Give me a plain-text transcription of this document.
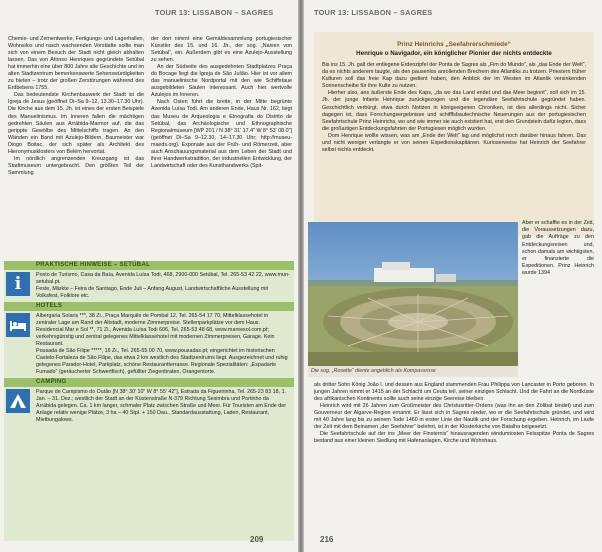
TOUR 13: LISSABON – SAGRES

Chemie- und Zementwerke, Fertigungs- und Lagerhallen, Wohnsilos und rasch wachsenden Vorstädte sollte man sich von einem Besuch der Stadt nicht gleich abhalten lassen. Das von Afonso Henriques gegründete Setúbal hat immerhin eine über 800 Jahre alte Geschichte und im alten Stadtzentrum bemerkenswerte Sehenswürdigkeiten zu bieten – trotz der großen Zerstörungen während des Erdbebens 1755.

Das bedeutendste Kirchenbauwerk der Stadt ist die Igreja de Jesus (geöffnet Di–Sa 9–12, 13.30–17.30 Uhr). Die Kirche aus dem 15. Jh. ist eines der ersten Beispiele des Manuelinismus. Im Inneren fallen die mächtigen gedrehten Säulen aus Arrábida-Marmor auf, die das gerippte Gewölbe des Mittelschiffs tragen. An den Wänden ein Band mit Azulejo-Bildern. Baumeister war Diogo Boitac, der sich später als Architekt des Hieronymusklosters von Belém hervortat.

Im nördlich angrenzenden Kreuzgang ist das Stadtmuseum untergebracht. Den größten Teil der Sammlung

der dort nimmt eine Gemäldesammlung portugiesischer Künstler des 15. und 16. Jh., der sog. „Naiven von Setúbal“, ein. Außerdem gibt es eine Azulejo-Ausstellung zu sehen.

An der Südseite des ausgedehnten Stadtplatzes Praça do Bocage liegt die Igreja de São Julião. Hier ist vor allem das manuelinische Nordportal mit den wie Schiffstaue ausgebildeten Säulen interessant. Auch hier wertvolle Azulejos im Inneren.

Nach Osten führt die breite, in der Mitte begrünte Avenida Luísa Todi. Am anderen Ende, Haus Nr. 162, liegt das Museu de Arqueologia e Etnografia do Distrito de Setúbal, das Archäologische und Ethnographische Regionalmuseum [WP 201 / N 38° 31' 17.4" W 8° 53' 08.0"] (geöffnet Di–Sa 9–12.30, 14–17.30 Uhr; http://museu-maeds.org). Exponate aus der Früh- und Römerzeit, aber auch Anschauungsmaterial aus dem Leben der Stadt und ihrer Handwerkstradition, der industriellen Entwicklung, der Landwirtschaft oder des Kunsthandwerks (Spit-

PRAKTISCHE HINWEISE – SETÚBAL
i	Posto de Turismo, Casa da Baía, Avenida Luísa Todi, 468, 2900-000 Setúbal, Tel. 265-53 42 22, www.mun-setubal.pt.

Feste, Märkte – Feira de Santiago, Ende Juli – Anfang August, Landwirtschaftliche Ausstellung mit Volksfest, Folklore etc.

HOTELS

Albergaria Solaris ***, 38 Zi., Praça Marquês de Pombal 12, Tel. 265-54 17 70, Mittelklassehotel in zentraler Lage am Rand der Altstadt, moderne Zimmerpreise. Stellenparkplätze vor dem Haus.

Residencial Mar e Sol **, 71 Zi., Avenida Luísa Todi 606, Tel. 265-53 48 68, www.mareesol.com.pt; verkehrsgünstig und zentral gelegenes Mittelklassehotel mit modernen Zimmerpreisen, Garage. Kein Restaurant.

Pousada de São Filipe *****, 16 Zi., Tel. 265-55 00 70, www.pousadas.pt; eingerichtet im historischen Castelo-Fortaleza de São Filipe, das etwa 2 km westlich des Stadtzentrums liegt. Ausgezeichnet und ruhig gelegenes Parador-Hotel, Parkplatz, schöne Restaurantterrasse. Regionale Spezialitäten: „Espadarte Fumado“ (geräucherter Schwertfisch), gefüllter Ziegenbraten, Orangentorte.

CAMPING

Parque de Campismo do Outão [N 38° 30' 10" W 8° 55' 42"], Estrada da Figueirinha, Tel. 265-23 83 18, 1. Jan. – 31. Dez.; westlich der Stadt an der Küstenstraße N-379 Richtung Sesimbra und Portinho da Arrábida gelegen. Ca. 1 km langer, schmaler Platz zwischen Straße und Meer. Für Touristen am Ende der Anlage relativ wenige Plätze, 3 ha – 40 Stpl. + 150 Dau., Standardausstattung, Laden, Restaurant, Mietbungalows.

209
TOUR 13: LISSABON – SAGRES
Prinz Heinrichs „Seefahrerschmiede“
Henrique o Navigador, ein königlicher Pionier der nichts entdeckte

Bis ins 15. Jh. galt der entlegene Erdenzipfel der Ponta de Sagres als „Fim do Mundo“, als „das Ende der Welt“, da es nichts anderem taugte, als den pausenlos anrollenden Brechern des Atlantiks zu trotzen. Priestern früher Kulturen soll das freie Kap dazu gedient haben, den Anblick der im Westen im Atlantik versinkenden Sonnenscheibe für ihre Kulte zu nutzen.

Hierher also, ans äußerste Ende des Kaps, „da wo das Land endet und das Meer beginnt“, soll sich im 15. Jh. der junge Infante Henrique zurückgezogen und die legendäre Seefahrtschule gegründet haben. Geschichtlich verbürgt, etwa durch Notizen in königseigenen Chroniken, ist dies allerdings nicht. Sicher dagegen ist, dass Forschungsergebnisse und schifffsbautechnische Neuerungen aus der portugiesischen Seefahrtschule Prinz Heinrichs, wo und wie immer sie auch existiert hat, erst den Grundstein dafür legten, dass die großartigen Entdeckungsfahrten der Portugiesen möglich wurden.

Dom Henrique wollte wissen, was am „Ende der Welt“ lag und möglichst noch darüber hinaus fahren. Das und nicht weniger verlangte er von seinen Expedionskapitänen. Kurioserweise hat Heinrich der Seefahrer selbst nichts entdeckt.

Die sog. „Rosette“ diente angeblich als Kompassrose

Aber er schaffte es in der Zeit, die Voraussetzungen dazu, gab die Aufträge zu den Entdeckungsreisen und, schon damals am wichtigsten, er finanzierte die Expeditionen. Prinz Heinrich wurde 1394

als dritter Sohn König João I. und dessen aus England stammenden Frau Philippa von Lancaster in Porto geboren. In jungen Jahren nimmt er 1415 an der Schlacht um Ceuta teil, seiner einzigen Schlacht. Und die Fahrt an die Nordküste des afrikanischen Kontinents sollte auch seine einzige Seereise bleiben.

Heinrich wird mit 26 Jahren zum Großmeister des Christusritter-Ordens (was ihn an den Zölibat bindet) und zum Gouverneur der Algarve-Region ernannt. Er lässt sich in Sagres nieder, wo er die Seefahrtschule gründet, und wird mit 40 Jahre lang bis zu seinem Tode 1460 in erster Linie der Nautik und der Forschung ergeben. Heinrich, im Laufe der Zeit mit dem Beinamen „der Seefahrer“ belehnt, ist in der Klosterkirche von Batalha beigesetzt.

Die Seefahrtschule auf der ins „Meer der Finsternis“ hinausragenden windumtosten Felsspitze Ponta de Sagres bestand aus einer kleinen Siedlung mit Hafenanlagen, Kirche und Wohnhaus.

216
